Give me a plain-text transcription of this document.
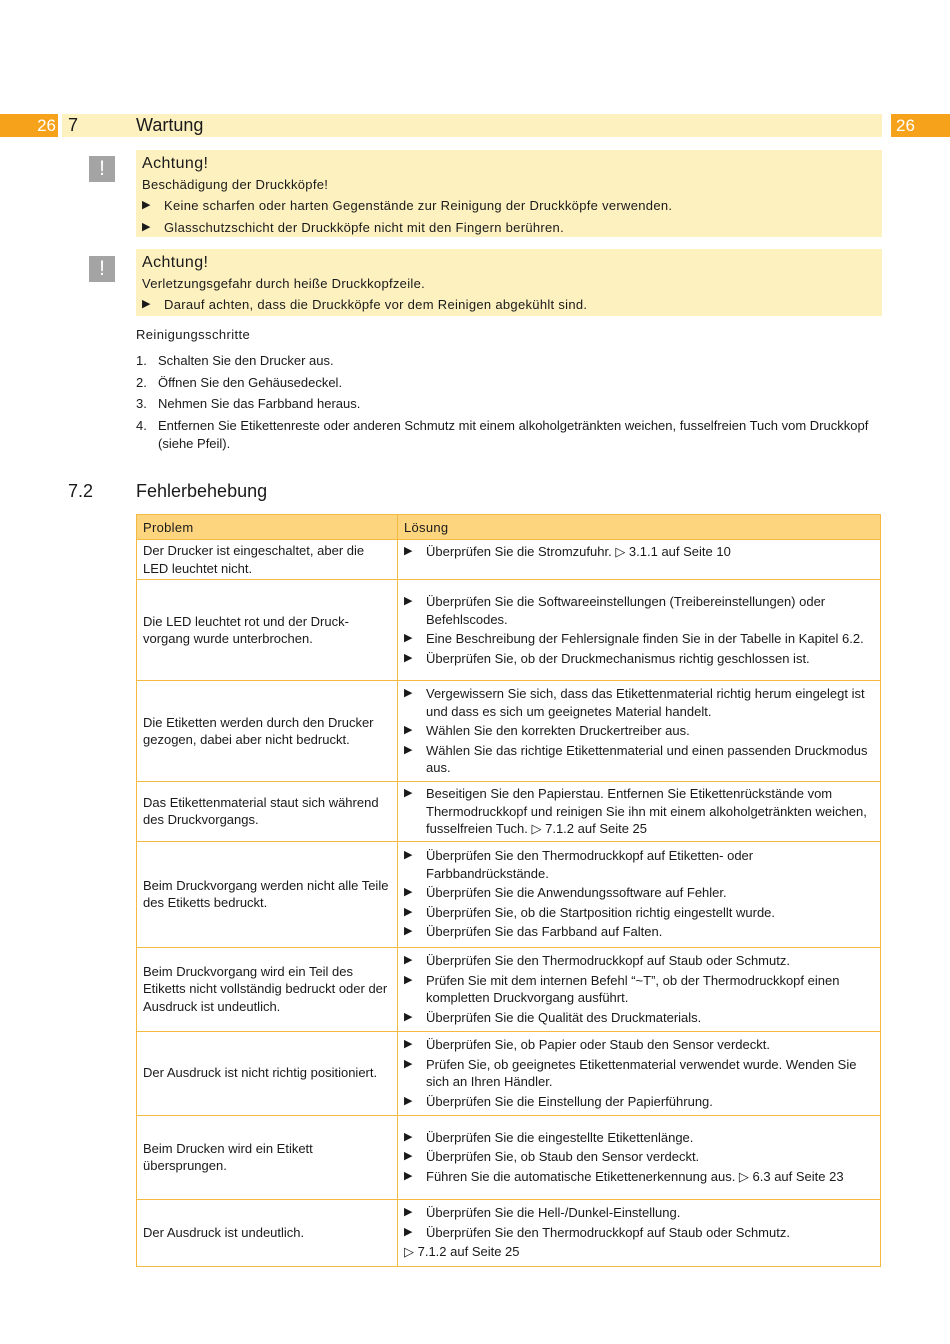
26 7	Wartung	26
!	Achtung!
Beschädigung der Druckköpfe!
▶ Keine scharfen oder harten Gegenstände zur Reinigung der Druckköpfe verwenden.
▶ Glasschutzschicht der Druckköpfe nicht mit den Fingern berühren.
!	Achtung!
Verletzungsgefahr durch heiße Druckkopfzeile.
▶ Darauf achten, dass die Druckköpfe vor dem Reinigen abgekühlt sind.
Reinigungsschritte
1. Schalten Sie den Drucker aus.
2. Öffnen Sie den Gehäusedeckel.
3. Nehmen Sie das Farbband heraus.
4. Entfernen Sie Etikettenreste oder anderen Schmutz mit einem alkoholgetränkten weichen, fusselfreien Tuch vom Druckkopf (siehe Pfeil).
7.2 Fehlerbehebung
Problem	Lösung
Der Drucker ist eingeschaltet, aber die LED leuchtet nicht.	▶ Überprüfen Sie die Stromzufuhr. ▷ 3.1.1 auf Seite 10

Die LED leuchtet rot und der Druck-vorgang wurde unterbrochen.	▶ Überprüfen Sie die Softwareeinstellungen (Treibereinstellungen) oder Befehlscodes.
▶ Eine Beschreibung der Fehlersignale finden Sie in der Tabelle in Kapitel 6.2.
▶ Überprüfen Sie, ob der Druckmechanismus richtig geschlossen ist.

Die Etiketten werden durch den Drucker gezogen, dabei aber nicht bedruckt.	▶ Vergewissern Sie sich, dass das Etikettenmaterial richtig herum eingelegt ist und dass es sich um geeignetes Material handelt.
▶ Wählen Sie den korrekten Druckertreiber aus.
▶ Wählen Sie das richtige Etikettenmaterial und einen passenden Druckmodus aus.

Das Etikettenmaterial staut sich während des Druckvorgangs.	▶ Beseitigen Sie den Papierstau. Entfernen Sie Etikettenrückstände vom Thermodruckkopf und reinigen Sie ihn mit einem alkoholgetränkten weichen, fusselfreien Tuch. ▷ 7.1.2 auf Seite 25

Beim Druckvorgang werden nicht alle Teile des Etiketts bedruckt.	▶ Überprüfen Sie den Thermodruckkopf auf Etiketten- oder Farbbandrückstände.
▶ Überprüfen Sie die Anwendungssoftware auf Fehler.
▶ Überprüfen Sie, ob die Startposition richtig eingestellt wurde.
▶ Überprüfen Sie das Farbband auf Falten.

Beim Druckvorgang wird ein Teil des Etiketts nicht vollständig bedruckt oder der Ausdruck ist undeutlich.	▶ Überprüfen Sie den Thermodruckkopf auf Staub oder Schmutz.
▶ Prüfen Sie mit dem internen Befehl “~T”, ob der Thermodruckkopf einen kompletten Druckvorgang ausführt.
▶ Überprüfen Sie die Qualität des Druckmaterials.

Der Ausdruck ist nicht richtig positioniert.	▶ Überprüfen Sie, ob Papier oder Staub den Sensor verdeckt.
▶ Prüfen Sie, ob geeignetes Etikettenmaterial verwendet wurde. Wenden Sie sich an Ihren Händler.
▶ Überprüfen Sie die Einstellung der Papierführung.

Beim Drucken wird ein Etikett übersprungen.	▶ Überprüfen Sie die eingestellte Etikettenlänge.
▶ Überprüfen Sie, ob Staub den Sensor verdeckt.
▶ Führen Sie die automatische Etikettenerkennung aus. ▷ 6.3 auf Seite 23

Der Ausdruck ist undeutlich.	▶ Überprüfen Sie die Hell-/Dunkel-Einstellung.
▶ Überprüfen Sie den Thermodruckkopf auf Staub oder Schmutz.
▷ 7.1.2 auf Seite 25
